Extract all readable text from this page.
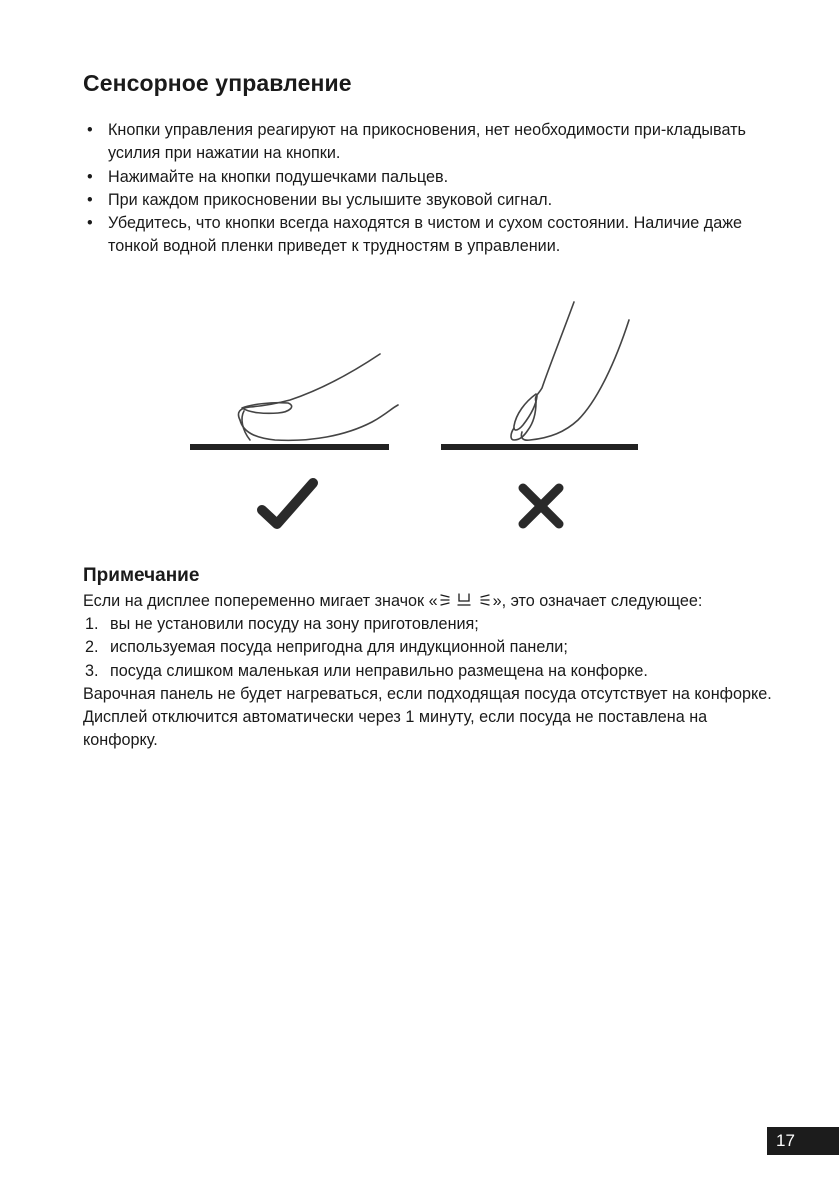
Сенсорное управление
• Кнопки управления реагируют на прикосновения, нет необходимости при-кладывать усилия при нажатии на кнопки.
• Нажимайте на кнопки подушечками пальцев.
• При каждом прикосновении вы услышите звуковой сигнал.
• Убедитесь, что кнопки всегда находятся в чистом и сухом состоянии. Наличие даже тонкой водной пленки приведет к трудностям в управлении.
Примечание

Если на дисплее попеременно мигает значок «	», это означает следующее:

1. вы не установили посуду на зону приготовления;
2. используемая посуда непригодна для индукционной панели;
3. посуда слишком маленькая или неправильно размещена на конфорке.

Варочная панель не будет нагреваться, если подходящая посуда отсутствует на конфорке.

Дисплей отключится автоматически через 1 минуту, если посуда не поставлена на конфорку.

17
